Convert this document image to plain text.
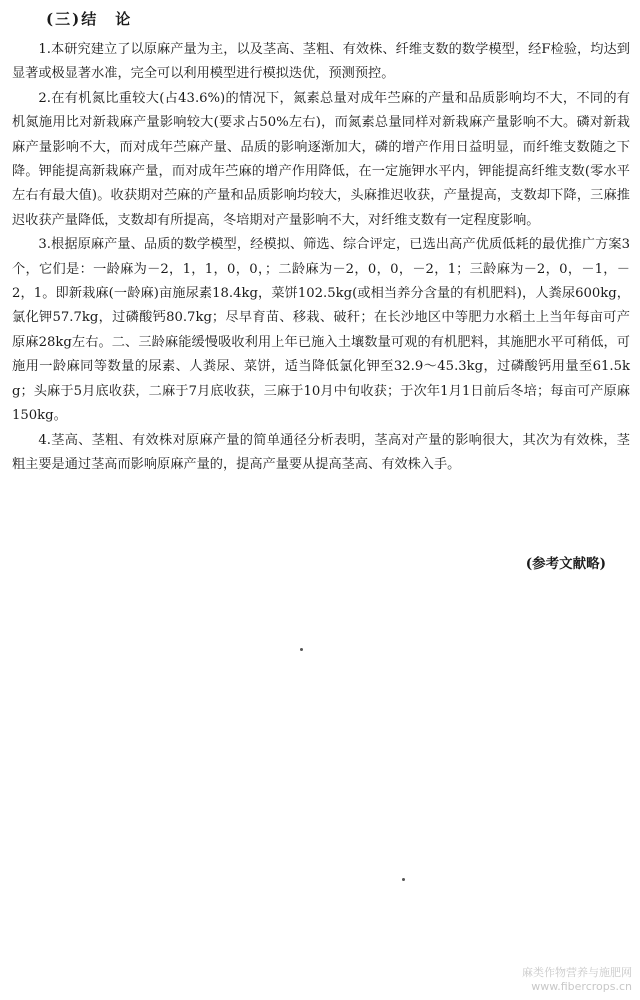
(三)结　论

1.本研究建立了以原麻产量为主，以及茎高、茎粗、有效株、纤维支数的数学模型，经F检验，均达到显著或极显著水准，完全可以利用模型进行模拟迭优，预测预控。

2.在有机氮比重较大(占43.6%)的情况下，氮素总量对成年苎麻的产量和品质影响均不大，不同的有机氮施用比对新栽麻产量影响较大(要求占50%左右)，而氮素总量同样对新栽麻产量影响不大。磷对新栽麻产量影响不大，而对成年苎麻产量、品质的影响逐渐加大，磷的增产作用日益明显，而纤维支数随之下降。钾能提高新栽麻产量，而对成年苎麻的增产作用降低，在一定施钾水平内，钾能提高纤维支数(零水平左右有最大值)。收获期对苎麻的产量和品质影响均较大，头麻推迟收获，产量提高，支数却下降，三麻推迟收获产量降低，支数却有所提高，冬培期对产量影响不大，对纤维支数有一定程度影响。

3.根据原麻产量、品质的数学模型，经模拟、筛选、综合评定，已选出高产优质低耗的最优推广方案3个，它们是：一龄麻为－2，1，1，0，0，；二龄麻为－2，0，0，－2，1；三龄麻为－2，0，－1，－2，1。即新栽麻(一龄麻)亩施尿素18.4kg，菜饼102.5kg(或相当养分含量的有机肥料)，人粪尿600kg，氯化钾57.7kg，过磷酸钙80.7kg；尽早育苗、移栽、破秆；在长沙地区中等肥力水稻土上当年每亩可产原麻28kg左右。二、三龄麻能缓慢吸收利用上年已施入土壤数量可观的有机肥料，其施肥水平可稍低，可施用一龄麻同等数量的尿素、人粪尿、菜饼，适当降低氯化钾至32.9～45.3kg，过磷酸钙用量至61.5kg；头麻于5月底收获，二麻于7月底收获，三麻于10月中旬收获；于次年1月1日前后冬培；每亩可产原麻150kg。

4.茎高、茎粗、有效株对原麻产量的简单通径分析表明，茎高对产量的影响很大，其次为有效株，茎粗主要是通过茎高而影响原麻产量的，提高产量要从提高茎高、有效株入手。

(参考文献略)
麻类作物营养与施肥网
www.fibercrops.cn
